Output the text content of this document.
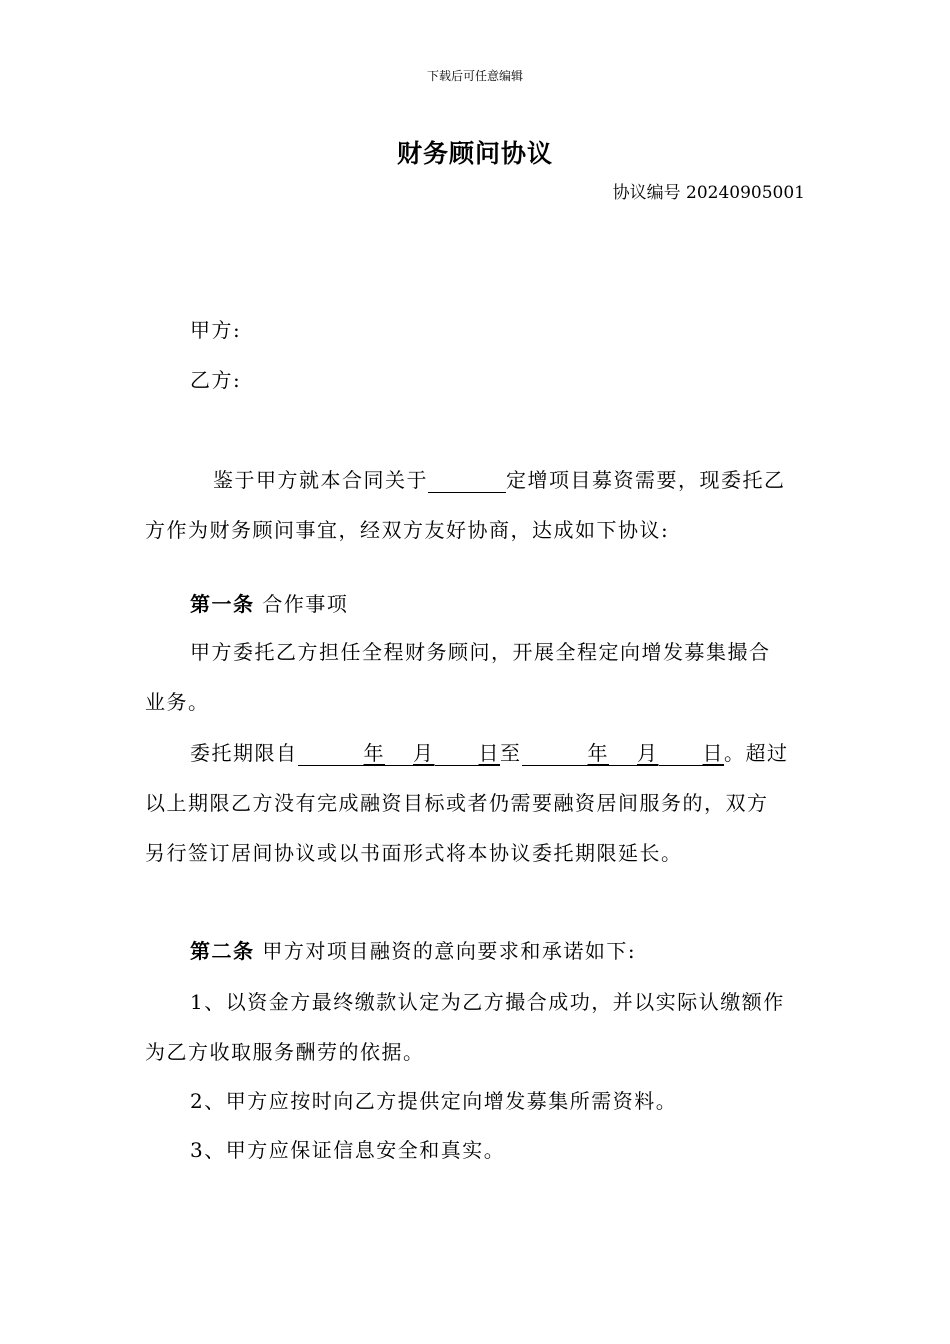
下载后可任意编辑
财务顾问协议
协议编号 20240905001
甲方:
乙方:
鉴于甲方就本合同关于	定增项目募资需要，现委托乙
方作为财务顾问事宜，经双方友好协商，达成如下协议:
第一条 合作事项
甲方委托乙方担任全程财务顾问，开展全程定向增发募集撮合
业务。
委托期限自	年 月 日至	年 月 日。超过
以上期限乙方没有完成融资目标或者仍需要融资居间服务的，双方
另行签订居间协议或以书面形式将本协议委托期限延长。
第二条 甲方对项目融资的意向要求和承诺如下:
1、以资金方最终缴款认定为乙方撮合成功，并以实际认缴额作
为乙方收取服务酬劳的依据。
2、甲方应按时向乙方提供定向增发募集所需资料。
3、甲方应保证信息安全和真实。
